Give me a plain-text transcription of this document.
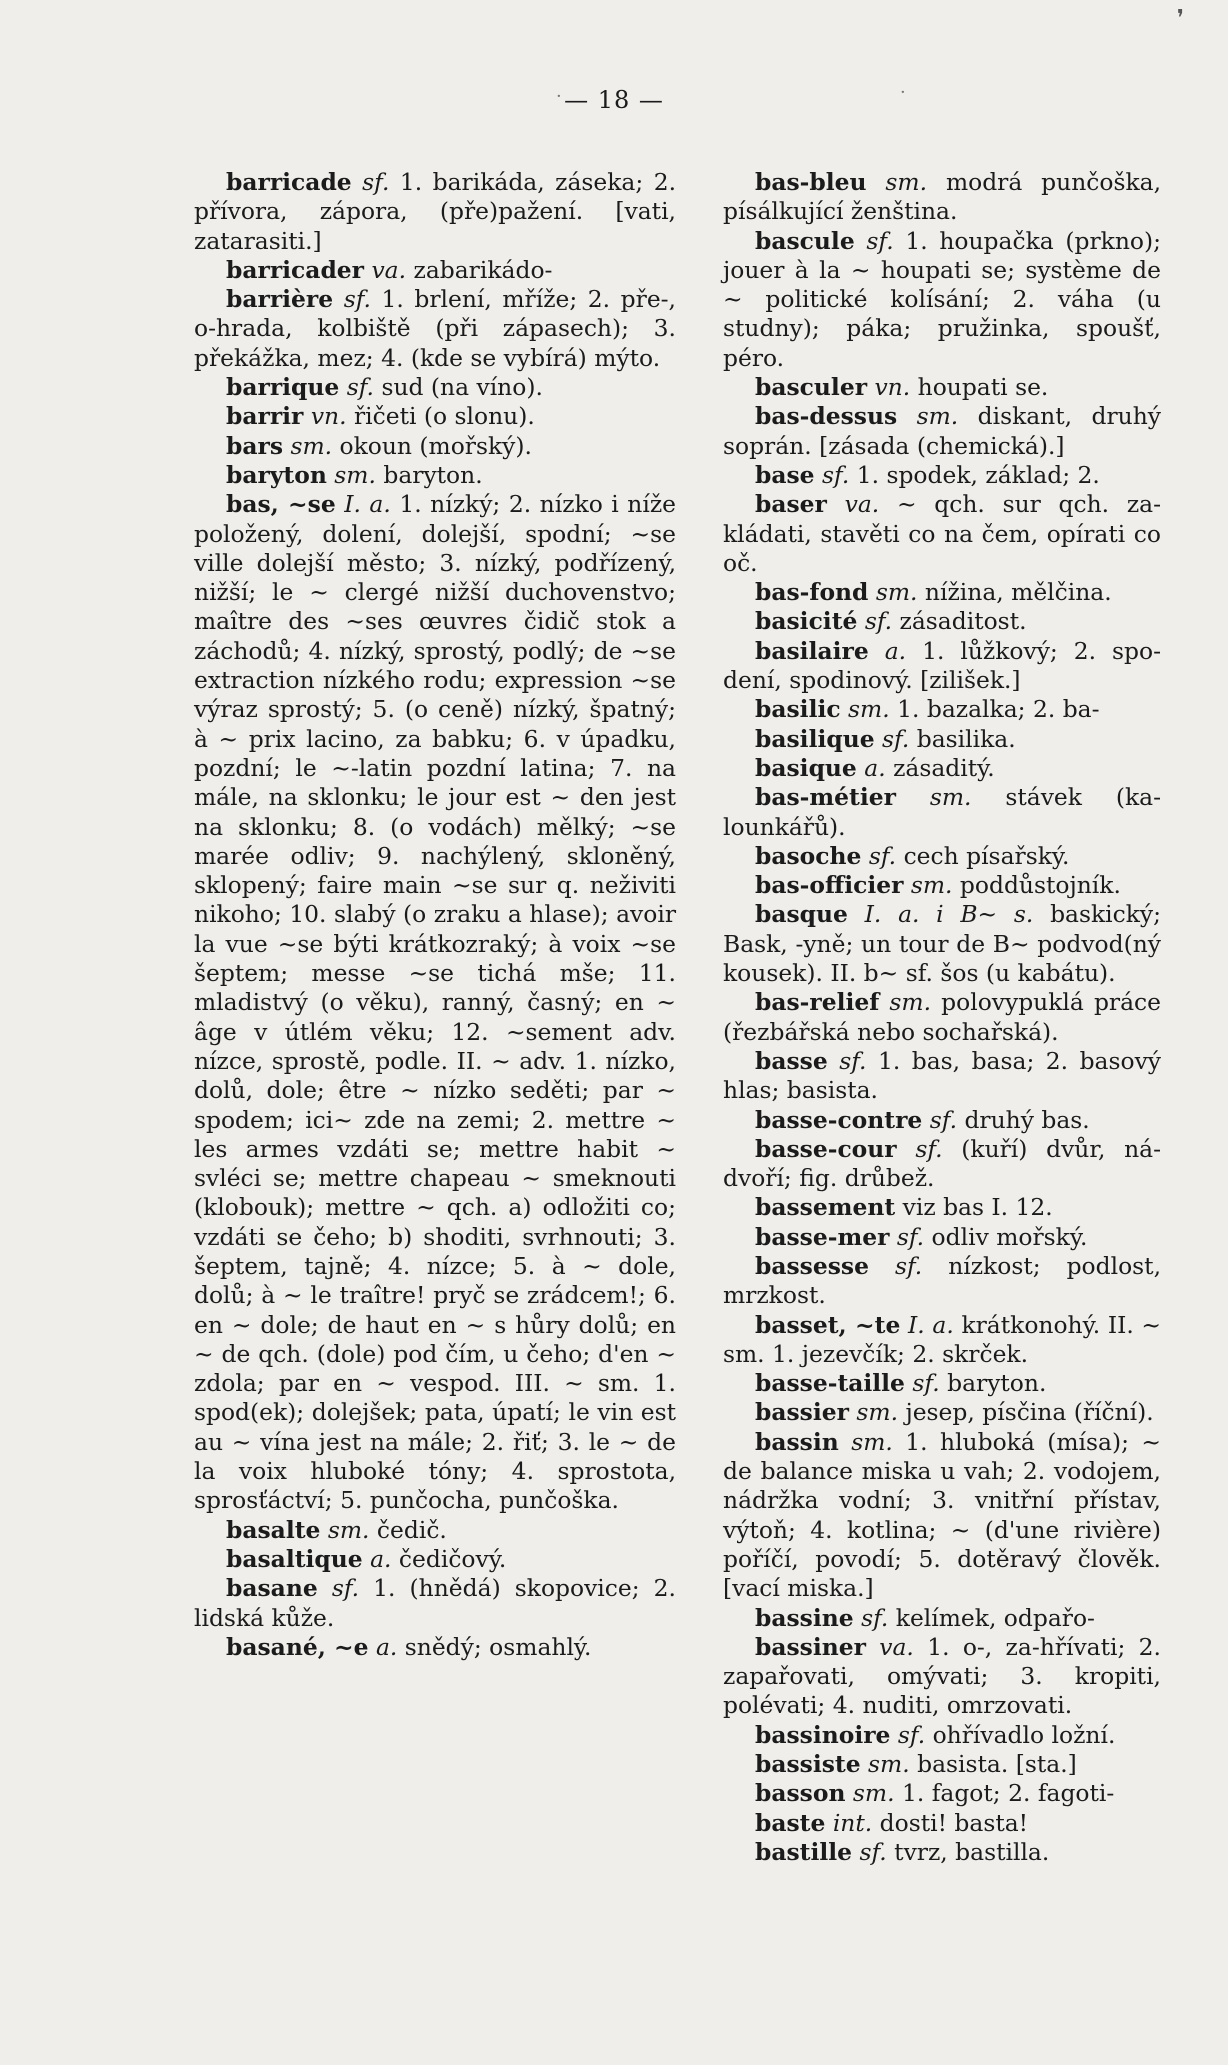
❜
·	·
— 18 —

barricade sf. 1. barikáda, záseka; 2. přívora, zápora, (pře)pažení. [vati, zatarasiti.]

barricader va. zabarikádo-

barrière sf. 1. brlení, mříže; 2. pře-, o-hrada, kolbiště (při zápasech); 3. překážka, mez; 4. (kde se vybírá) mýto.

barrique sf. sud (na víno).

barrir vn. řičeti (o slonu).

bars sm. okoun (mořský).

baryton sm. baryton.

bas, ~se I. a. 1. nízký; 2. nízko i níže položený, dolení, dolejší, spodní; ~se ville dolejší město; 3. nízký, podřízený, nižší; le ~ clergé nižší duchovenstvo; maître des ~ses œuvres čidič stok a záchodů; 4. nízký, sprostý, podlý; de ~se extraction nízkého rodu; expression ~se výraz sprostý; 5. (o ceně) nízký, špatný; à ~ prix lacino, za babku; 6. v úpadku, pozdní; le ~-latin pozdní latina; 7. na mále, na sklonku; le jour est ~ den jest na sklonku; 8. (o vodách) mělký; ~se marée odliv; 9. nachýlený, skloněný, sklopený; faire main ~se sur q. neživiti nikoho; 10. slabý (o zraku a hlase); avoir la vue ~se býti krátkozraký; à voix ~se šeptem; messe ~se tichá mše; 11. mladistvý (o věku), ranný, časný; en ~ âge v útlém věku; 12. ~sement adv. nízce, sprostě, podle. II. ~ adv. 1. nízko, dolů, dole; être ~ nízko seděti; par ~ spodem; ici~ zde na zemi; 2. mettre ~ les armes vzdáti se; mettre habit ~ svléci se; mettre chapeau ~ smeknouti (klobouk); mettre ~ qch. a) odložiti co; vzdáti se čeho; b) shoditi, svrhnouti; 3. šeptem, tajně; 4. nízce; 5. à ~ dole, dolů; à ~ le traître! pryč se zrádcem!; 6. en ~ dole; de haut en ~ s hůry dolů; en ~ de qch. (dole) pod čím, u čeho; d'en ~ zdola; par en ~ vespod. III. ~ sm. 1. spod(ek); dolejšek; pata, úpatí; le vin est au ~ vína jest na mále; 2. řiť; 3. le ~ de la voix hluboké tóny; 4. sprostota, sprosťáctví; 5. punčocha, punčoška.

basalte sm. čedič.

basaltique a. čedičový.

basane sf. 1. (hnědá) skopovice; 2. lidská kůže.

basané, ~e a. snědý; osmahlý.

bas-bleu sm. modrá punčoška, písálkující ženština.

bascule sf. 1. houpačka (prkno); jouer à la ~ houpati se; système de ~ politické kolísání; 2. váha (u studny); páka; pružinka, spoušť, péro.

basculer vn. houpati se.

bas-dessus sm. diskant, druhý soprán. [zásada (chemická).]

base sf. 1. spodek, základ; 2.

baser va. ~ qch. sur qch. zakládati, stavěti co na čem, opírati co oč.

bas-fond sm. nížina, mělčina.

basicité sf. zásaditost.

basilaire a. 1. lůžkový; 2. spodení, spodinový. [zilišek.]

basilic sm. 1. bazalka; 2. ba-

basilique sf. basilika.

basique a. zásaditý.

bas-métier sm. stávek (kalounkářů).

basoche sf. cech písařský.

bas-officier sm. poddůstojník.

basque I. a. i B~ s. baskický; Bask, -yně; un tour de B~ podvod(ný kousek). II. b~ sf. šos (u kabátu).

bas-relief sm. polovypuklá práce (řezbářská nebo sochařská).

basse sf. 1. bas, basa; 2. basový hlas; basista.

basse-contre sf. druhý bas.

basse-cour sf. (kuří) dvůr, nádvoří; fig. drůbež.

bassement viz bas I. 12.

basse-mer sf. odliv mořský.

bassesse sf. nízkost; podlost, mrzkost.

basset, ~te I. a. krátkonohý. II. ~ sm. 1. jezevčík; 2. skrček.

basse-taille sf. baryton.

bassier sm. jesep, písčina (říční).

bassin sm. 1. hluboká (mísa); ~ de balance miska u vah; 2. vodojem, nádržka vodní; 3. vnitřní přístav, výtoň; 4. kotlina; ~ (d'une rivière) poříčí, povodí; 5. dotěravý člověk. [vací miska.]

bassine sf. kelímek, odpařo-

bassiner va. 1. o-, za-hřívati; 2. zapařovati, omývati; 3. kropiti, polévati; 4. nuditi, omrzovati.

bassinoire sf. ohřívadlo ložní.

bassiste sm. basista. [sta.]

basson sm. 1. fagot; 2. fagoti-

baste int. dosti! basta!

bastille sf. tvrz, bastilla.
